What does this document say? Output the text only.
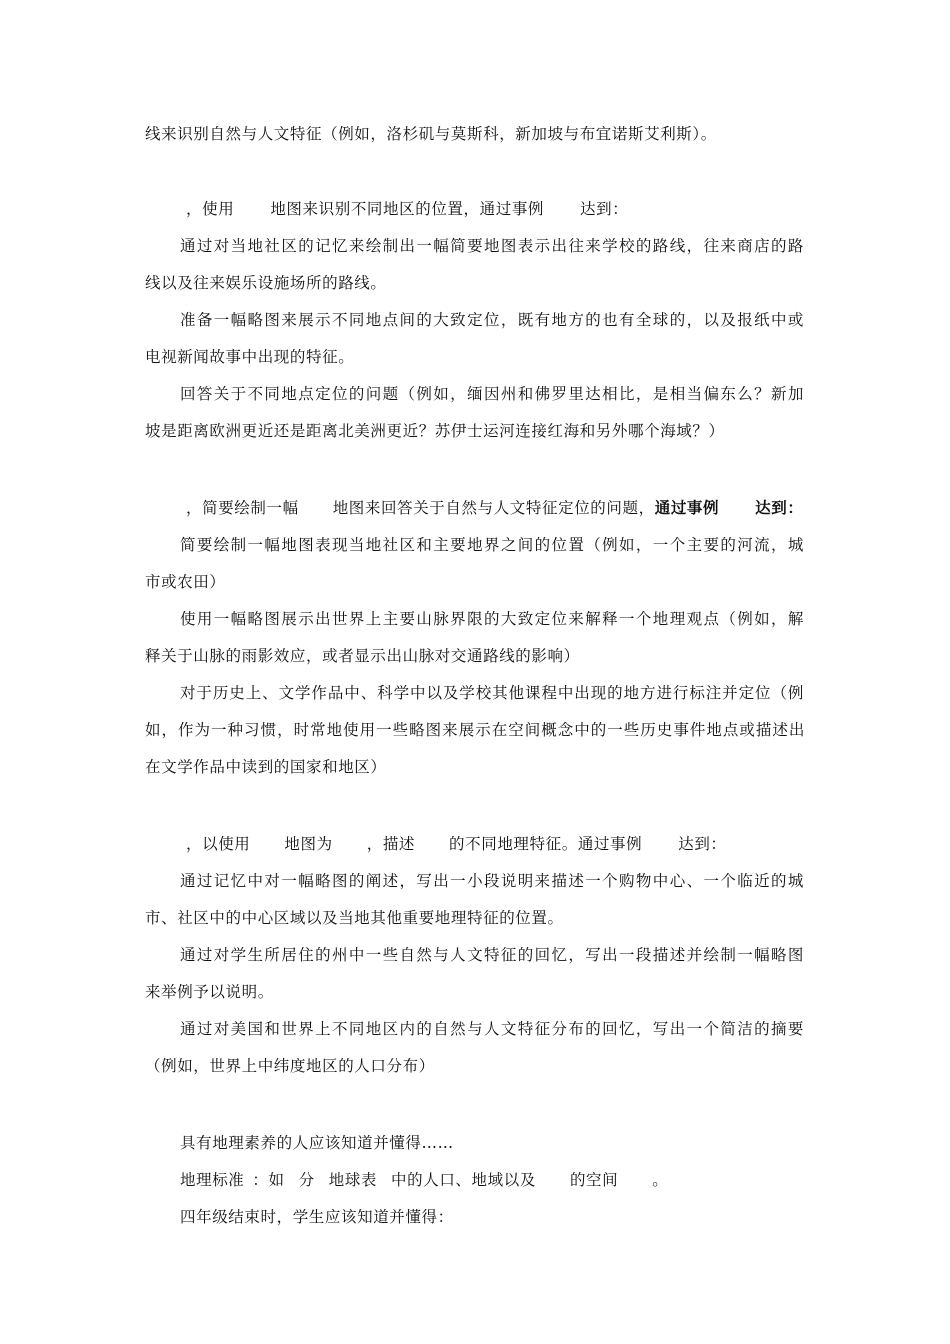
线来识别自然与人文特征（例如，洛杉矶与莫斯科，新加坡与布宜诺斯艾利斯）。
，使用 地图来识别不同地区的位置，通过事例 达到：
通过对当地社区的记忆来绘制出一幅简要地图表示出往来学校的路线，往来商店的路
线以及往来娱乐设施场所的路线。
准备一幅略图来展示不同地点间的大致定位，既有地方的也有全球的，以及报纸中或
电视新闻故事中出现的特征。
回答关于不同地点定位的问题（例如，缅因州和佛罗里达相比，是相当偏东么？新加
坡是距离欧洲更近还是距离北美洲更近？苏伊士运河连接红海和另外哪个海域？）
，简要绘制一幅 地图来回答关于自然与人文特征定位的问题，通过事例 达到：
简要绘制一幅地图表现当地社区和主要地界之间的位置（例如，一个主要的河流，城
市或农田）
使用一幅略图展示出世界上主要山脉界限的大致定位来解释一个地理观点（例如，解
释关于山脉的雨影效应，或者显示出山脉对交通路线的影响）
对于历史上、文学作品中、科学中以及学校其他课程中出现的地方进行标注并定位（例
如，作为一种习惯，时常地使用一些略图来展示在空间概念中的一些历史事件地点或描述出
在文学作品中读到的国家和地区）
，以使用 地图为 ，描述 的不同地理特征。通过事例 达到：
通过记忆中对一幅略图的阐述，写出一小段说明来描述一个购物中心、一个临近的城
市、社区中的中心区域以及当地其他重要地理特征的位置。
通过对学生所居住的州中一些自然与人文特征的回忆，写出一段描述并绘制一幅略图
来举例予以说明。
通过对美国和世界上不同地区内的自然与人文特征分布的回忆，写出一个简洁的摘要
（例如，世界上中纬度地区的人口分布）
具有地理素养的人应该知道并懂得……
地理标准 ：如 分 地球表 中的人口、地域以及 的空间 。
四年级结束时，学生应该知道并懂得：
